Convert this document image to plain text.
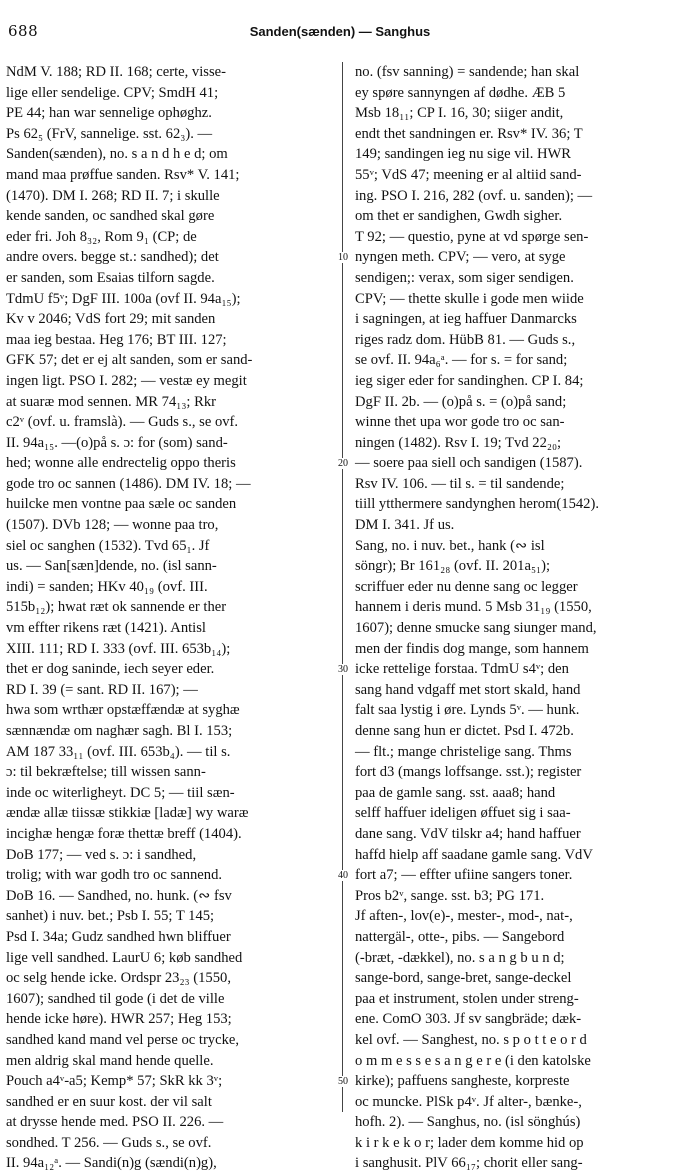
688	Sanden(sænden) — Sanghus
NdM V. 188; RD II. 168; certe, visse-
lige eller sendelige. CPV; SmdH 41;
PE 44; han war sennelige ophøghz.
Ps 62₅ (FrV, sannelige. sst. 62₃). —
Sanden(sænden), no. s a n d h e d; om
mand maa prøffue sanden. Rsv* V. 141;
(1470). DM I. 268; RD II. 7; i skulle
kende sanden, oc sandhed skal gøre
eder fri. Joh 8₃₂, Rom 9₁ (CP; de
andre overs. begge st.: sandhed); det
er sanden, som Esaias tilforn sagde.
TdmU f5ᵛ; DgF III. 100a (ovf II. 94a₁₅);
Kv v 2046; VdS fort 29; mit sanden
maa ieg bestaa. Heg 176; BT III. 127;
GFK 57; det er ej alt sanden, som er sand-
ingen ligt. PSO I. 282; — vestæ ey megit
at suaræ mod sennen. MR 74₁₃; Rkr
c2ᵛ (ovf. u. framslà). — Guds s., se ovf.
II. 94a₁₅. —(o)på s. ɔ: for (som) sand-
hed; wonne alle endrectelig oppo theris
gode tro oc sannen (1486). DM IV. 18; —
huilcke men vontne paa sæle oc sanden
(1507). DVb 128; — wonne paa tro,
siel oc sanghen (1532). Tvd 65₁. Jf
us. — San[sæn]dende, no. (isl sann-
indi) = sanden; HKv 40₁₉ (ovf. III.
515b₁₂); hwat ræt ok sannende er ther
vm effter rikens ræt (1421). Antisl
XIII. 111; RD I. 333 (ovf. III. 653b₁₄);
thet er dog saninde, iech seyer eder.
RD I. 39 (= sant. RD II. 167); —
hwa som wrthær opstæffændæ at syghæ
sænnændæ om naghær sagh. Bl I. 153;
AM 187 33₁₁ (ovf. III. 653b₄). — til s.
ɔ: til bekræftelse; till wissen sann-
inde oc witerligheyt. DC 5; — tiil sæn-
ændæ allæ tiissæ stikkiæ [ladæ] wy waræ
incighæ hengæ foræ thettæ breff (1404).
DoB 177; — ved s. ɔ: i sandhed,
trolig; with war godh tro oc sannend.
DoB 16. — Sandhed, no. hunk. (∾ fsv
sanhet) i nuv. bet.; Psb I. 55; T 145;
Psd I. 34a; Gudz sandhed hwn bliffuer
lige vell sandhed. LaurU 6; køb sandhed
oc selg hende icke. Ordspr 23₂₃ (1550,
1607); sandhed til gode (i det de ville
hende icke høre). HWR 257; Heg 153;
sandhed kand mand vel perse oc trycke,
men aldrig skal mand hende quelle.
Pouch a4ᵛ-a5; Kemp* 57; SkR kk 3ᵛ;
sandhed er en suur kost. der vil salt
at drysse hende med. PSO II. 226. —
sondhed. T 256. — Guds s., se ovf.
II. 94a₁₂ᵃ. — Sandi(n)g (sændi(n)g),
10
20
30
40
50
no. (fsv sanning) = sandende; han skal
ey spøre sannyngen af dødhe. ÆB 5
Msb 18₁₁; CP I. 16, 30; siiger andit,
endt thet sandningen er. Rsv* IV. 36; T
149; sandingen ieg nu sige vil. HWR
55ᵛ; VdS 47; meening er al altiid sand-
ing. PSO I. 216, 282 (ovf. u. sanden); —
om thet er sandighen, Gwdh sigher.
T 92; — questio, pyne at vd spørge sen-
nyngen meth. CPV; — vero, at syge
sendigen;: verax, som siger sendigen.
CPV; — thette skulle i gode men wiide
i sagningen, at ieg haffuer Danmarcks
riges radz dom. HübB 81. — Guds s.,
se ovf. II. 94a₆ᵃ. — for s. = for sand;
ieg siger eder for sandinghen. CP I. 84;
DgF II. 2b. — (o)på s. = (o)på sand;
winne thet upa wor gode tro oc san-
ningen (1482). Rsv I. 19; Tvd 22₂₀;
— soere paa siell och sandigen (1587).
Rsv IV. 106. — til s. = til sandende;
tiill ytthermere sandynghen herom(1542).
DM I. 341. Jf us.
Sang, no. i nuv. bet., hank (∾ isl
söngr); Br 161₂₈ (ovf. II. 201a₅₁);
scriffuer eder nu denne sang oc legger
hannem i deris mund. 5 Msb 31₁₉ (1550,
1607); denne smucke sang siunger mand,
men der findis dog mange, som hannem
icke rettelige forstaa. TdmU s4ᵛ; den
sang hand vdgaff met stort skald, hand
falt saa lystig i øre. Lynds 5ᵛ. — hunk.
denne sang hun er dictet. Psd I. 472b.
— flt.; mange christelige sang. Thms
fort d3 (mangs loffsange. sst.); register
paa de gamle sang. sst. aaa8; hand
selff haffuer ideligen øffuet sig i saa-
dane sang. VdV tilskr a4; hand haffuer
haffd hielp aff saadane gamle sang. VdV
fort a7; — effter ufiine sangers toner.
Pros b2ᵛ, sange. sst. b3; PG 171.
Jf aften-, lov(e)-, mester-, mod-, nat-,
nattergäl-, otte-, pibs. — Sangebord
(-bræt, -dækkel), no. s a n g b u n d;
sange-bord, sange-bret, sange-deckel
paa et instrument, stolen under streng-
ene. ComO 303. Jf sv sangbräde; dæk-
kel ovf. — Sanghest, no. s p o t t e o r d
o m m e s s e s a n g e r e (i den katolske
kirke); paffuens sangheste, korpreste
oc muncke. PlSk p4ᵛ. Jf alter-, bænke-,
hofh. 2). — Sanghus, no. (isl sönghús)
k i r k e k o r; lader dem komme hid op
i sanghusit. PlV 66₁₇; chorit eller sang-
